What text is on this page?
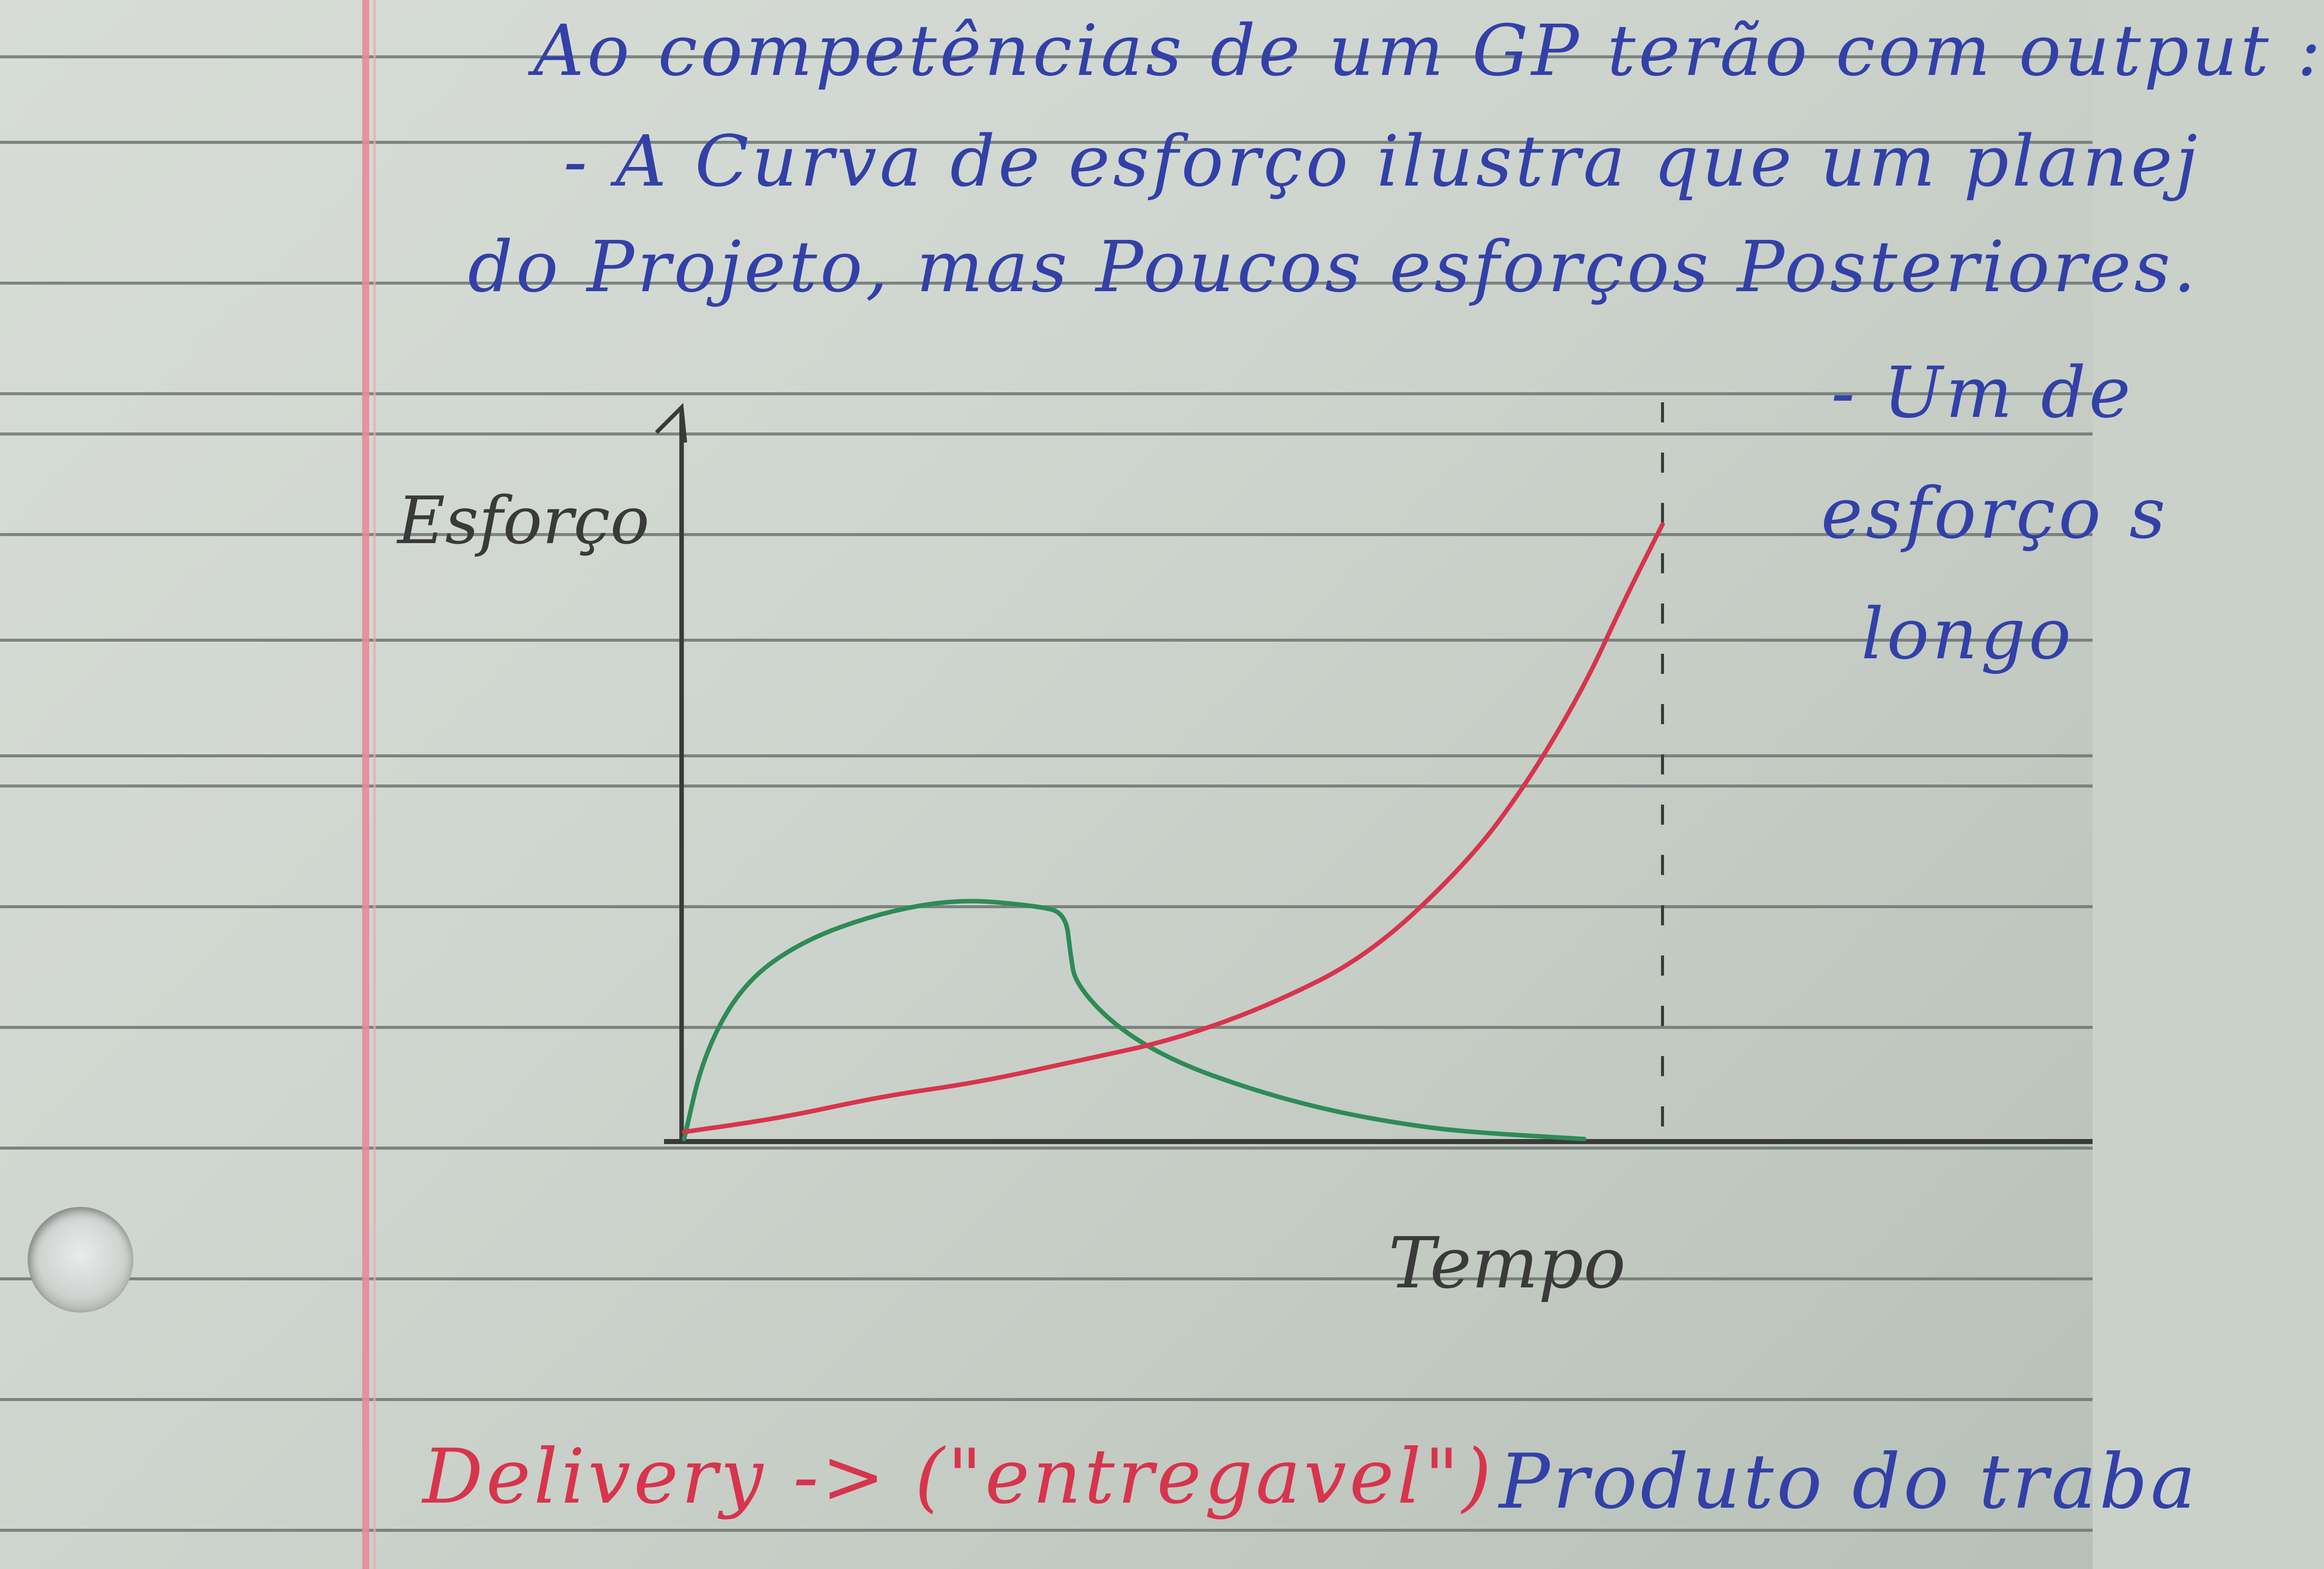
Ao competências de um GP terão com output :
- A Curva de esforço ilustra que um planej
do Projeto, mas Poucos esforços Posteriores.
- Um de
esforço s
longo
Delivery -> ("entregavel") Produto do traba
Esforço
Tempo
